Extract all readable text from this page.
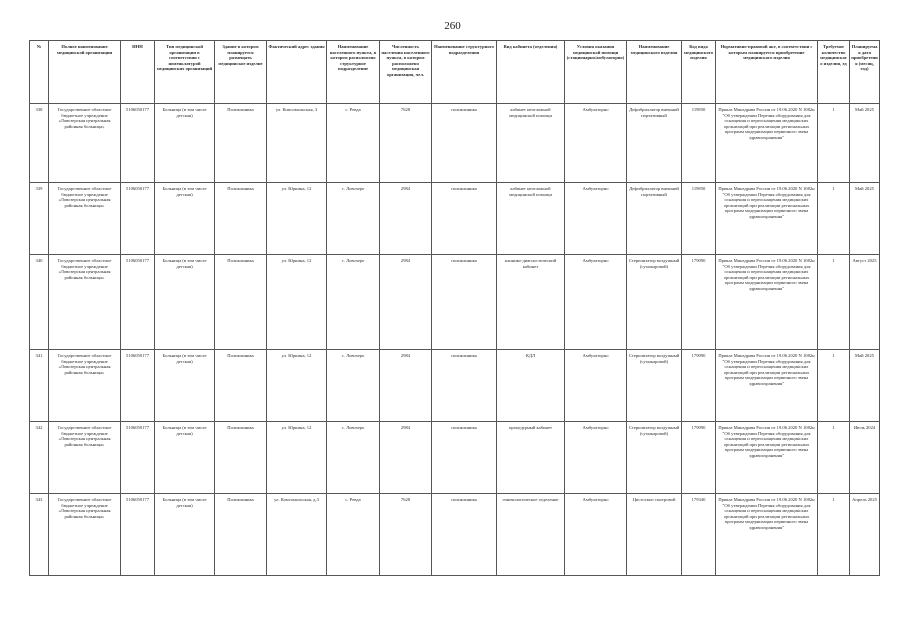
260
№	Полное наименование медицинской организации	ИНН	Тип медицинской организации в соответствии с номенклатурой медицинских организаций	Здание в котором планируется размещать медицинское изделие	Фактический адрес здания	Наименование населенного пункта, в котором расположено структурное подразделение	Численность населения населенного пункта, в котором расположено медицинская организация, чел.	Наименование структурного подразделения	Вид кабинета (отделения)	Условия оказания медицинской помощи (стационарно/амбулаторно)	Наименование медицинского изделия	Код вида медицинского изделия	Нормативно-правовой акт, в соответствии с которым планируется приобретение медицинского изделия	Требуемое количество медицинского изделия, ед	Планируемая дата приобретения (месяц, год)
338	Государственное областное бюджетное учреждение «Ловозерская центральная районная больница»	5106050177	Больница (в том числе детская)	Поликлиника	ул. Комсомольская, 3	с. Ревда	7628	поликлиника	кабинет неотложной медицинской помощи	Амбулаторно	Дефибриллятор внешний портативный	119850	Приказ Минздрава России от 19.06.2020 N 1082н "Об утверждении Перечня оборудования для оснащения и переоснащения медицинских организаций при реализации региональных программ модернизации первичного звена здравоохранения"	1	Май 2025
339	Государственное областное бюджетное учреждение «Ловозерская центральная районная больница»	5106050177	Больница (в том числе детская)	Поликлиника	ул. Юркина, 12	с. Ловозеро	2984	поликлиника	кабинет неотложной медицинской помощи	Амбулаторно	Дефибриллятор внешний портативный	119850	Приказ Минздрава России от 19.06.2020 N 1082н "Об утверждении Перечня оборудования для оснащения и переоснащения медицинских организаций при реализации региональных программ модернизации первичного звена здравоохранения"	1	Май 2025
340	Государственное областное бюджетное учреждение «Ловозерская центральная районная больница»	5106050177	Больница (в том числе детская)	Поликлиника	ул. Юркина, 12	с. Ловозеро	2984	поликлиника	клинико-диагностический кабинет	Амбулаторно	Стерилизатор воздушный (сухожаровой)	179090	Приказ Минздрава России от 19.06.2020 N 1082н "Об утверждении Перечня оборудования для оснащения и переоснащения медицинских организаций при реализации региональных программ модернизации первичного звена здравоохранения"	1	Август 2025
341	Государственное областное бюджетное учреждение «Ловозерская центральная районная больница»	5106050177	Больница (в том числе детская)	Поликлиника	ул. Юркина, 12	с. Ловозеро	2984	поликлиника	КДЛ	Амбулаторно	Стерилизатор воздушный (сухожаровой)	179090	Приказ Минздрава России от 19.06.2020 N 1082н "Об утверждении Перечня оборудования для оснащения и переоснащения медицинских организаций при реализации региональных программ модернизации первичного звена здравоохранения"	1	Май 2025
342	Государственное областное бюджетное учреждение «Ловозерская центральная районная больница»	5106050177	Больница (в том числе детская)	Поликлиника	ул. Юркина, 12	с. Ловозеро	2984	поликлиника	процедурный кабинет	Амбулаторно	Стерилизатор воздушный (сухожаровой)	179090	Приказ Минздрава России от 19.06.2020 N 1082н "Об утверждении Перечня оборудования для оснащения и переоснащения медицинских организаций при реализации региональных программ модернизации первичного звена здравоохранения"	1	Июль 2024
343	Государственное областное бюджетное учреждение «Ловозерская центральная районная больница»	5106050177	Больница (в том числе детская)	Поликлиника	ул. Комсомольская, д.3	с. Ревда	7628	поликлиника	гинекологическое отделение	Амбулаторно	Цистоскоп смотровой	179340	Приказ Минздрава России от 19.06.2020 N 1082н "Об утверждении Перечня оборудования для оснащения и переоснащения медицинских организаций при реализации региональных программ модернизации первичного звена здравоохранения"	1	Апрель 2025
